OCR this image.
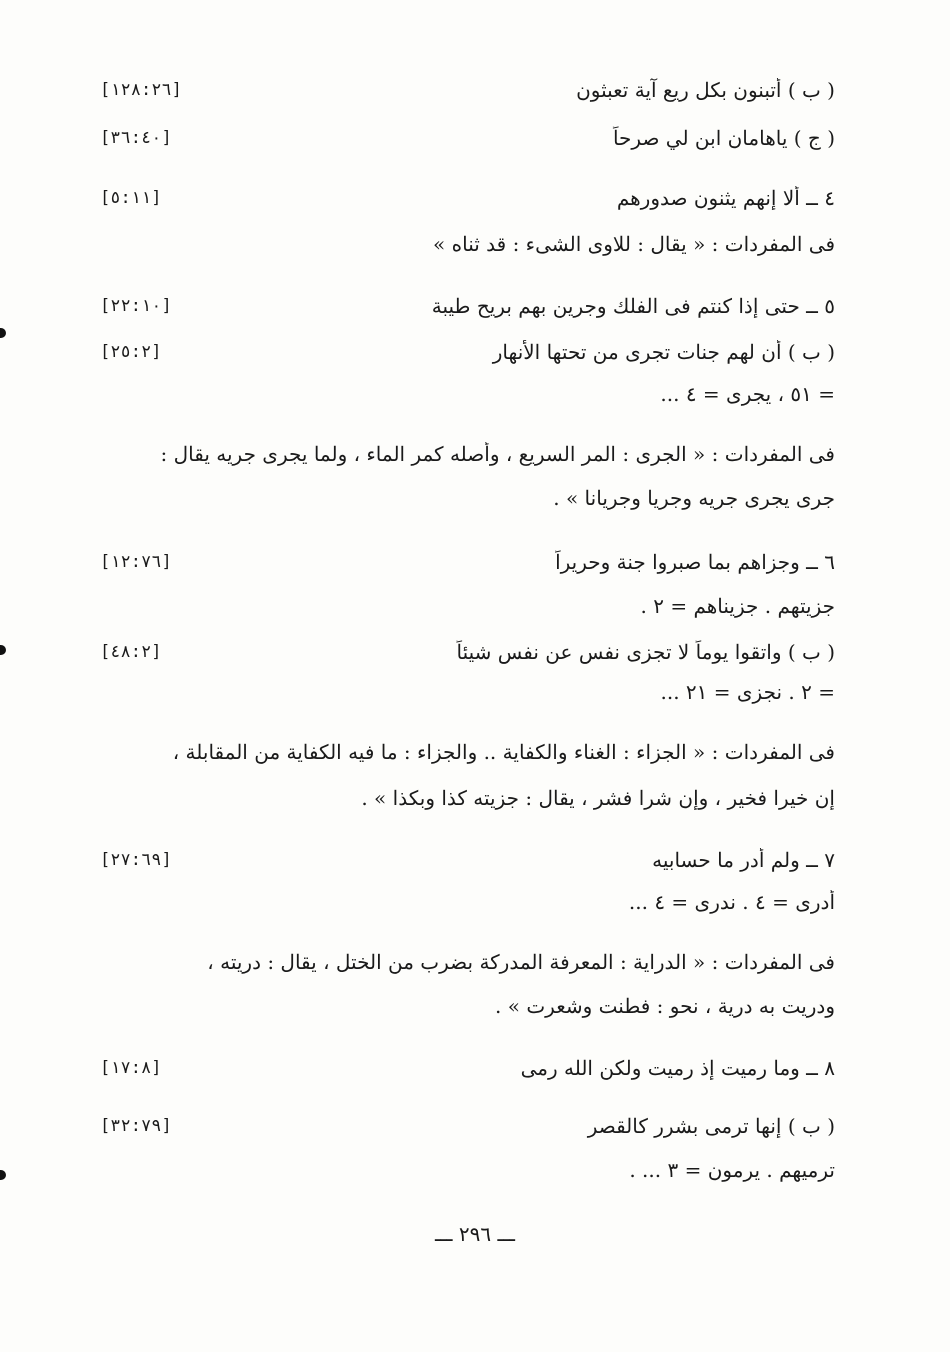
[١٢٨:٢٦]	( ب ) أتبنون بكل ريع آية تعبثون
[٣٦:٤٠]	( ج ) ياهامان ابن لي صرحاً
[٥:١١]	٤ ــ ألا إنهم يثنون صدورهم
فى المفردات : « يقال : للاوى الشىء : قد ثناه »
[٢٢:١٠]	٥ ــ حتى إذا كنتم فى الفلك وجرين بهم بريح طيبة
[٢٥:٢]	( ب ) أن لهم جنات تجرى من تحتها الأنهار
= ٥١ ، يجرى = ٤ ...
فى المفردات : « الجرى : المر السريع ، وأصله كمر الماء ، ولما يجرى جريه يقال :
جرى يجرى جريه وجريا وجريانا » .
[١٢:٧٦]	٦ ــ وجزاهم بما صبروا جنة وحريراً
جزيتهم . جزيناهم = ٢ .
[٤٨:٢]	( ب ) واتقوا يوماً لا تجزى نفس عن نفس شيئاً
= ٢ . نجزى = ٢١ ...
فى المفردات : « الجزاء : الغناء والكفاية .. والجزاء : ما فيه الكفاية من المقابلة ،
إن خيرا فخير ، وإن شرا فشر ، يقال : جزيته كذا وبكذا » .
[٢٧:٦٩]	٧ ــ ولم أدر ما حسابيه
أدرى = ٤ . ندرى = ٤ ...
فى المفردات : « الدراية : المعرفة المدركة بضرب من الختل ، يقال : دريته ،
ودريت به درية ، نحو : فطنت وشعرت » .
[١٧:٨]	٨ ــ وما رميت إذ رميت ولكن الله رمى
[٣٢:٧٩]	( ب ) إنها ترمى بشرر كالقصر
ترميهم . يرمون = ٣ ... .
ـــ ٢٩٦ ـــ
